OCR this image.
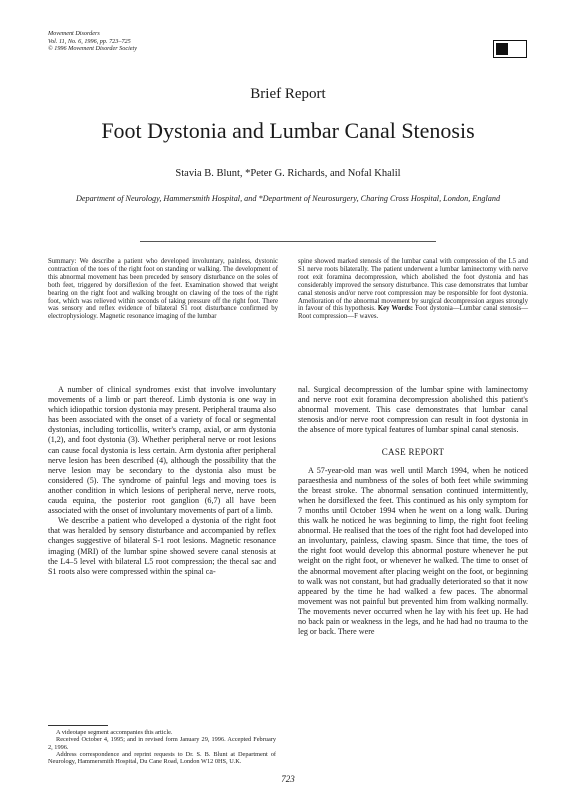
Movement Disorders
Vol. 11, No. 6, 1996, pp. 723–725
© 1996 Movement Disorder Society
Brief Report
Foot Dystonia and Lumbar Canal Stenosis
Stavia B. Blunt, *Peter G. Richards, and Nofal Khalil
Department of Neurology, Hammersmith Hospital, and *Department of Neurosurgery, Charing Cross Hospital, London, England
Summary: We describe a patient who developed involuntary, painless, dystonic contraction of the toes of the right foot on standing or walking. The development of this abnormal movement has been preceded by sensory disturbance on the soles of both feet, triggered by dorsiflexion of the feet. Examination showed that weight bearing on the right foot and walking brought on clawing of the toes of the right foot, which was relieved within seconds of taking pressure off the right foot. There was sensory and reflex evidence of bilateral S1 root disturbance confirmed by electrophysiology. Magnetic resonance imaging of the lumbar
spine showed marked stenosis of the lumbar canal with compression of the L5 and S1 nerve roots bilaterally. The patient underwent a lumbar laminectomy with nerve root exit foramina decompression, which abolished the foot dystonia and has considerably improved the sensory disturbance. This case demonstrates that lumbar canal stenosis and/or nerve root compression may be responsible for foot dystonia. Amelioration of the abnormal movement by surgical decompression argues strongly in favour of this hypothesis. Key Words: Foot dystonia—Lumbar canal stenosis—Root compression—F waves.

A number of clinical syndromes exist that involve involuntary movements of a limb or part thereof. Limb dystonia is one way in which idiopathic torsion dystonia may present. Peripheral trauma also has been associated with the onset of a variety of focal or segmental dystonias, including torticollis, writer's cramp, axial, or arm dystonia (1,2), and foot dystonia (3). Whether peripheral nerve or root lesions can cause focal dystonia is less certain. Arm dystonia after peripheral nerve lesion has been described (4), although the possibility that the nerve lesion may be secondary to the dystonia also must be considered (5). The syndrome of painful legs and moving toes is another condition in which lesions of peripheral nerve, nerve roots, cauda equina, the posterior root ganglion (6,7) all have been associated with the onset of involuntary movements of part of a limb.

We describe a patient who developed a dystonia of the right foot that was heralded by sensory disturbance and accompanied by reflex changes suggestive of bilateral S-1 root lesions. Magnetic resonance imaging (MRI) of the lumbar spine showed severe canal stenosis at the L4–5 level with bilateral L5 root compression; the thecal sac and S1 roots also were compressed within the spinal ca-

nal. Surgical decompression of the lumbar spine with laminectomy and nerve root exit foramina decompression abolished this patient's abnormal movement. This case demonstrates that lumbar canal stenosis and/or nerve root compression can result in foot dystonia in the absence of more typical features of lumbar spinal canal stenosis.

CASE REPORT

A 57-year-old man was well until March 1994, when he noticed paraesthesia and numbness of the soles of both feet while swimming the breast stroke. The abnormal sensation continued intermittently, when he dorsiflexed the feet. This continued as his only symptom for 7 months until October 1994 when he went on a long walk. During this walk he noticed he was beginning to limp, the right foot feeling abnormal. He realised that the toes of the right foot had developed into an involuntary, painless, clawing spasm. Since that time, the toes of the right foot would develop this abnormal posture whenever he put weight on the right foot, or whenever he walked. The time to onset of the abnormal movement after placing weight on the foot, or beginning to walk was not constant, but had gradually deteriorated so that it now appeared by the time he had walked a few paces. The abnormal movement was not painful but prevented him from walking normally. The movements never occurred when he lay with his feet up. He had no back pain or weakness in the legs, and he had had no trauma to the leg or back. There were

A videotape segment accompanies this article.

Received October 4, 1995; and in revised form January 29, 1996. Accepted February 2, 1996.

Address correspondence and reprint requests to Dr. S. B. Blunt at Department of Neurology, Hammersmith Hospital, Du Cane Road, London W12 0HS, U.K.

723
